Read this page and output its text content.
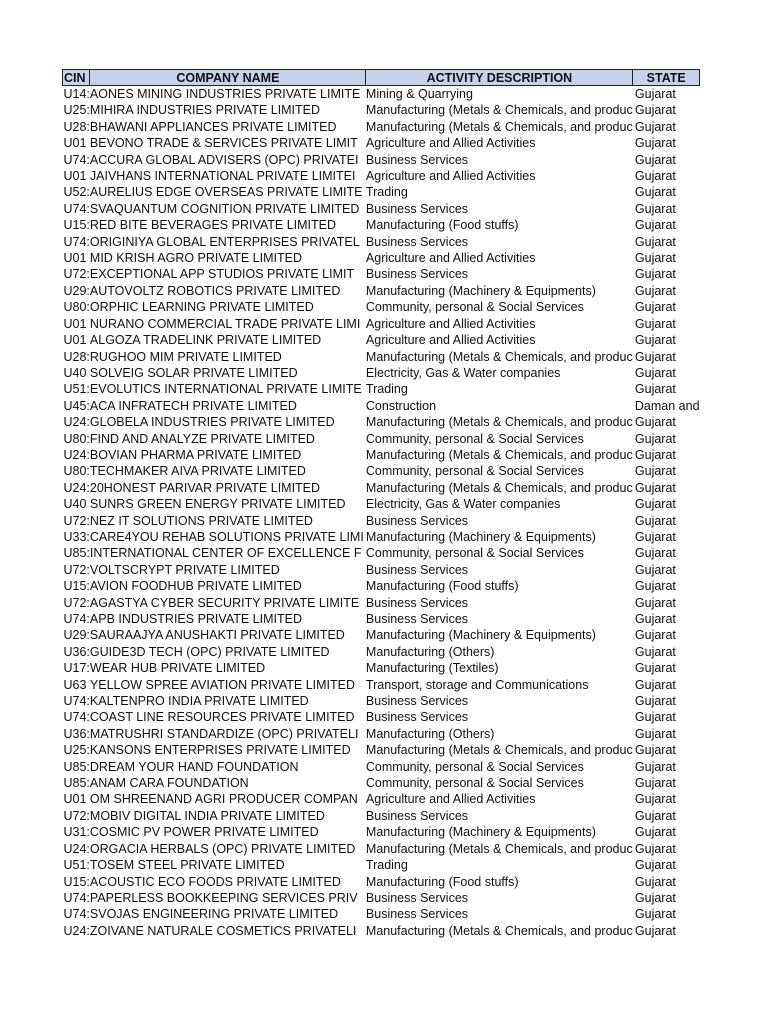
CIN	COMPANY NAME	ACTIVITY DESCRIPTION	STATE
U14:	AONES MINING INDUSTRIES PRIVATE LIMITE	Mining & Quarrying	Gujarat
U25:	MIHIRA INDUSTRIES PRIVATE LIMITED	Manufacturing (Metals & Chemicals, and produc	Gujarat
U28:	BHAWANI APPLIANCES PRIVATE LIMITED	Manufacturing (Metals & Chemicals, and produc	Gujarat
U01	BEVONO TRADE & SERVICES PRIVATE LIMIT	Agriculture and Allied Activities	Gujarat
U74:	ACCURA GLOBAL ADVISERS (OPC) PRIVATEI	Business Services	Gujarat
U01	JAIVHANS INTERNATIONAL PRIVATE LIMITEI	Agriculture and Allied Activities	Gujarat
U52:	AURELIUS EDGE OVERSEAS PRIVATE LIMITE	Trading	Gujarat
U74:	SVAQUANTUM COGNITION PRIVATE LIMITED	Business Services	Gujarat
U15:	RED BITE BEVERAGES PRIVATE LIMITED	Manufacturing (Food stuffs)	Gujarat
U74:	ORIGINIYA GLOBAL ENTERPRISES PRIVATEL	Business Services	Gujarat
U01	MID KRISH AGRO PRIVATE LIMITED	Agriculture and Allied Activities	Gujarat
U72:	EXCEPTIONAL APP STUDIOS PRIVATE LIMIT	Business Services	Gujarat
U29:	AUTOVOLTZ ROBOTICS PRIVATE LIMITED	Manufacturing (Machinery & Equipments)	Gujarat
U80:	ORPHIC LEARNING PRIVATE LIMITED	Community, personal & Social Services	Gujarat
U01	NURANO COMMERCIAL TRADE PRIVATE LIMI	Agriculture and Allied Activities	Gujarat
U01	ALGOZA TRADELINK PRIVATE LIMITED	Agriculture and Allied Activities	Gujarat
U28:	RUGHOO MIM PRIVATE LIMITED	Manufacturing (Metals & Chemicals, and produc	Gujarat
U40	SOLVEIG SOLAR PRIVATE LIMITED	Electricity, Gas & Water companies	Gujarat
U51:	EVOLUTICS INTERNATIONAL PRIVATE LIMITE	Trading	Gujarat
U45:	ACA INFRATECH PRIVATE LIMITED	Construction	Daman and
U24:	GLOBELA INDUSTRIES PRIVATE LIMITED	Manufacturing (Metals & Chemicals, and produc	Gujarat
U80:	FIND AND ANALYZE PRIVATE LIMITED	Community, personal & Social Services	Gujarat
U24:	BOVIAN PHARMA PRIVATE LIMITED	Manufacturing (Metals & Chemicals, and produc	Gujarat
U80:	TECHMAKER AIVA PRIVATE LIMITED	Community, personal & Social Services	Gujarat
U24:	20HONEST PARIVAR PRIVATE LIMITED	Manufacturing (Metals & Chemicals, and produc	Gujarat
U40	SUNRS GREEN ENERGY PRIVATE LIMITED	Electricity, Gas & Water companies	Gujarat
U72:	NEZ IT SOLUTIONS PRIVATE LIMITED	Business Services	Gujarat
U33:	CARE4YOU REHAB SOLUTIONS PRIVATE LIMI	Manufacturing (Machinery & Equipments)	Gujarat
U85:	INTERNATIONAL CENTER OF EXCELLENCE F	Community, personal & Social Services	Gujarat
U72:	VOLTSCRYPT PRIVATE LIMITED	Business Services	Gujarat
U15:	AVION FOODHUB PRIVATE LIMITED	Manufacturing (Food stuffs)	Gujarat
U72:	AGASTYA CYBER SECURITY PRIVATE LIMITE	Business Services	Gujarat
U74:	APB INDUSTRIES PRIVATE LIMITED	Business Services	Gujarat
U29:	SAURAAJYA ANUSHAKTI PRIVATE LIMITED	Manufacturing (Machinery & Equipments)	Gujarat
U36:	GUIDE3D TECH (OPC) PRIVATE LIMITED	Manufacturing (Others)	Gujarat
U17:	WEAR HUB PRIVATE LIMITED	Manufacturing (Textiles)	Gujarat
U63	YELLOW SPREE AVIATION PRIVATE LIMITED	Transport, storage and Communications	Gujarat
U74:	KALTENPRO INDIA PRIVATE LIMITED	Business Services	Gujarat
U74:	COAST LINE RESOURCES PRIVATE LIMITED	Business Services	Gujarat
U36:	MATRUSHRI STANDARDIZE (OPC) PRIVATELI	Manufacturing (Others)	Gujarat
U25:	KANSONS ENTERPRISES PRIVATE LIMITED	Manufacturing (Metals & Chemicals, and produc	Gujarat
U85:	DREAM YOUR HAND FOUNDATION	Community, personal & Social Services	Gujarat
U85:	ANAM CARA FOUNDATION	Community, personal & Social Services	Gujarat
U01	OM SHREENAND AGRI PRODUCER COMPAN	Agriculture and Allied Activities	Gujarat
U72:	MOBIV DIGITAL INDIA PRIVATE LIMITED	Business Services	Gujarat
U31:	COSMIC PV POWER PRIVATE LIMITED	Manufacturing (Machinery & Equipments)	Gujarat
U24:	ORGACIA HERBALS (OPC) PRIVATE LIMITED	Manufacturing (Metals & Chemicals, and produc	Gujarat
U51:	TOSEM STEEL PRIVATE LIMITED	Trading	Gujarat
U15:	ACOUSTIC ECO FOODS PRIVATE LIMITED	Manufacturing (Food stuffs)	Gujarat
U74:	PAPERLESS BOOKKEEPING SERVICES PRIV	Business Services	Gujarat
U74:	SVOJAS ENGINEERING PRIVATE LIMITED	Business Services	Gujarat
U24:	ZOIVANE NATURALE COSMETICS PRIVATELI	Manufacturing (Metals & Chemicals, and produc	Gujarat
